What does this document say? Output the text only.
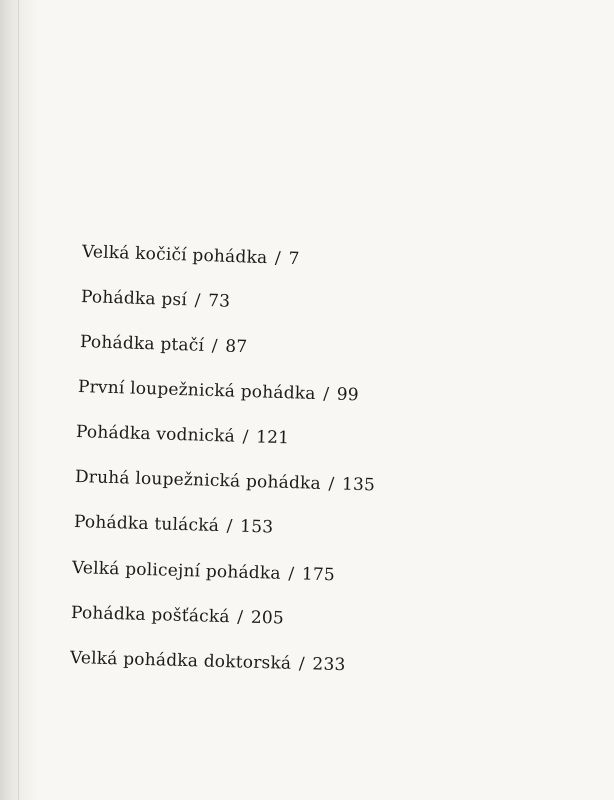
Velká kočičí pohádka / 7
Pohádka psí / 73
Pohádka ptačí / 87
První loupežnická pohádka / 99
Pohádka vodnická / 121
Druhá loupežnická pohádka / 135
Pohádka tulácká / 153
Velká policejní pohádka / 175
Pohádka pošťácká / 205
Velká pohádka doktorská / 233
